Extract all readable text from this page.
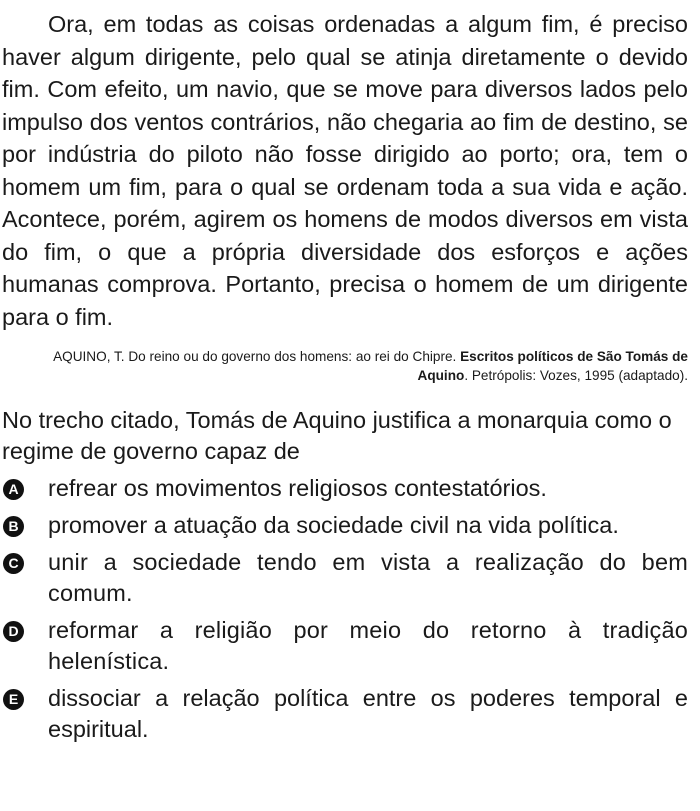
Ora, em todas as coisas ordenadas a algum fim, é preciso haver algum dirigente, pelo qual se atinja diretamente o devido fim. Com efeito, um navio, que se move para diversos lados pelo impulso dos ventos contrários, não chegaria ao fim de destino, se por indústria do piloto não fosse dirigido ao porto; ora, tem o homem um fim, para o qual se ordenam toda a sua vida e ação. Acontece, porém, agirem os homens de modos diversos em vista do fim, o que a própria diversidade dos esforços e ações humanas comprova. Portanto, precisa o homem de um dirigente para o fim.

AQUINO, T. Do reino ou do governo dos homens: ao rei do Chipre. Escritos políticos de São Tomás de Aquino. Petrópolis: Vozes, 1995 (adaptado).

No trecho citado, Tomás de Aquino justifica a monarquia como o regime de governo capaz de
A refrear os movimentos religiosos contestatórios.
B promover a atuação da sociedade civil na vida política.
C unir a sociedade tendo em vista a realização do bem comum.
D reformar a religião por meio do retorno à tradição helenística.
E dissociar a relação política entre os poderes temporal e espiritual.
